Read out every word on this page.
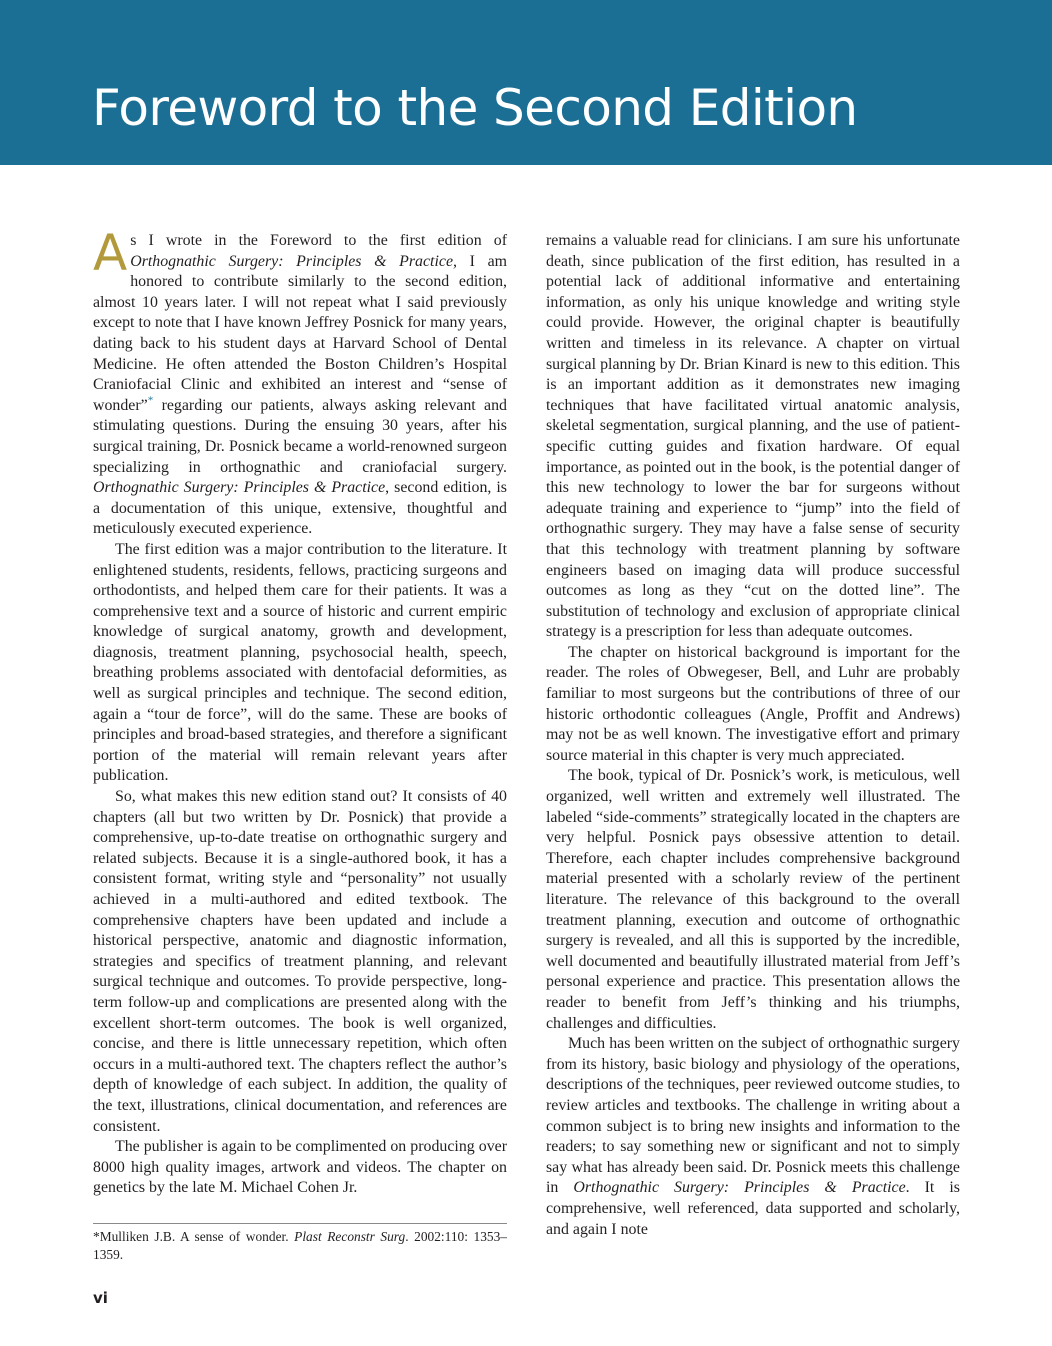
Foreword to the Second Edition

As I wrote in the Foreword to the first edition of Orthognathic Surgery: Principles & Practice, I am honored to contribute similarly to the second edition, almost 10 years later. I will not repeat what I said previously except to note that I have known Jeffrey Posnick for many years, dating back to his student days at Harvard School of Dental Medicine. He often attended the Boston Children’s Hospital Craniofacial Clinic and exhibited an interest and “sense of wonder”* regarding our patients, always asking relevant and stimulating questions. During the ensuing 30 years, after his surgical training, Dr. Posnick became a world-renowned surgeon specializing in orthognathic and craniofacial surgery. Orthognathic Surgery: Principles & Practice, second edition, is a documentation of this unique, extensive, thoughtful and meticulously executed experience.

The first edition was a major contribution to the literature. It enlightened students, residents, fellows, practicing surgeons and orthodontists, and helped them care for their patients. It was a comprehensive text and a source of historic and current empiric knowledge of surgical anatomy, growth and development, diagnosis, treatment planning, psychosocial health, speech, breathing problems associated with dentofacial deformities, as well as surgical principles and technique. The second edition, again a “tour de force”, will do the same. These are books of principles and broad-based strategies, and therefore a significant portion of the material will remain relevant years after publication.

So, what makes this new edition stand out? It consists of 40 chapters (all but two written by Dr. Posnick) that provide a comprehensive, up-to-date treatise on orthognathic surgery and related subjects. Because it is a single-authored book, it has a consistent format, writing style and “personality” not usually achieved in a multi-authored and edited textbook. The comprehensive chapters have been updated and include a historical perspective, anatomic and diagnostic information, strategies and specifics of treatment planning, and relevant surgical technique and outcomes. To provide perspective, long-term follow-up and complications are presented along with the excellent short-term outcomes. The book is well organized, concise, and there is little unnecessary repetition, which often occurs in a multi-authored text. The chapters reflect the author’s depth of knowledge of each subject. In addition, the quality of the text, illustrations, clinical documentation, and references are consistent.

The publisher is again to be complimented on producing over 8000 high quality images, artwork and videos. The chapter on genetics by the late M. Michael Cohen Jr.

remains a valuable read for clinicians. I am sure his unfortunate death, since publication of the first edition, has resulted in a potential lack of additional informative and entertaining information, as only his unique knowledge and writing style could provide. However, the original chapter is beautifully written and timeless in its relevance. A chapter on virtual surgical planning by Dr. Brian Kinard is new to this edition. This is an important addition as it demonstrates new imaging techniques that have facilitated virtual anatomic analysis, skeletal segmentation, surgical planning, and the use of patient-specific cutting guides and fixation hardware. Of equal importance, as pointed out in the book, is the potential danger of this new technology to lower the bar for surgeons without adequate training and experience to “jump” into the field of orthognathic surgery. They may have a false sense of security that this technology with treatment planning by software engineers based on imaging data will produce successful outcomes as long as they “cut on the dotted line”. The substitution of technology and exclusion of appropriate clinical strategy is a prescription for less than adequate outcomes.

The chapter on historical background is important for the reader. The roles of Obwegeser, Bell, and Luhr are probably familiar to most surgeons but the contributions of three of our historic orthodontic colleagues (Angle, Proffit and Andrews) may not be as well known. The investigative effort and primary source material in this chapter is very much appreciated.

The book, typical of Dr. Posnick’s work, is meticulous, well organized, well written and extremely well illustrated. The labeled “side-comments” strategically located in the chapters are very helpful. Posnick pays obsessive attention to detail. Therefore, each chapter includes comprehensive background material presented with a scholarly review of the pertinent literature. The relevance of this background to the overall treatment planning, execution and outcome of orthognathic surgery is revealed, and all this is supported by the incredible, well documented and beautifully illustrated material from Jeff’s personal experience and practice. This presentation allows the reader to benefit from Jeff’s thinking and his triumphs, challenges and difficulties.

Much has been written on the subject of orthognathic surgery from its history, basic biology and physiology of the operations, descriptions of the techniques, peer reviewed outcome studies, to review articles and textbooks. The challenge in writing about a common subject is to bring new insights and information to the readers; to say something new or significant and not to simply say what has already been said. Dr. Posnick meets this challenge in Orthognathic Surgery: Principles & Practice. It is comprehensive, well referenced, data supported and scholarly, and again I note

*Mulliken J.B. A sense of wonder. Plast Reconstr Surg. 2002:110: 1353–1359.
vi
